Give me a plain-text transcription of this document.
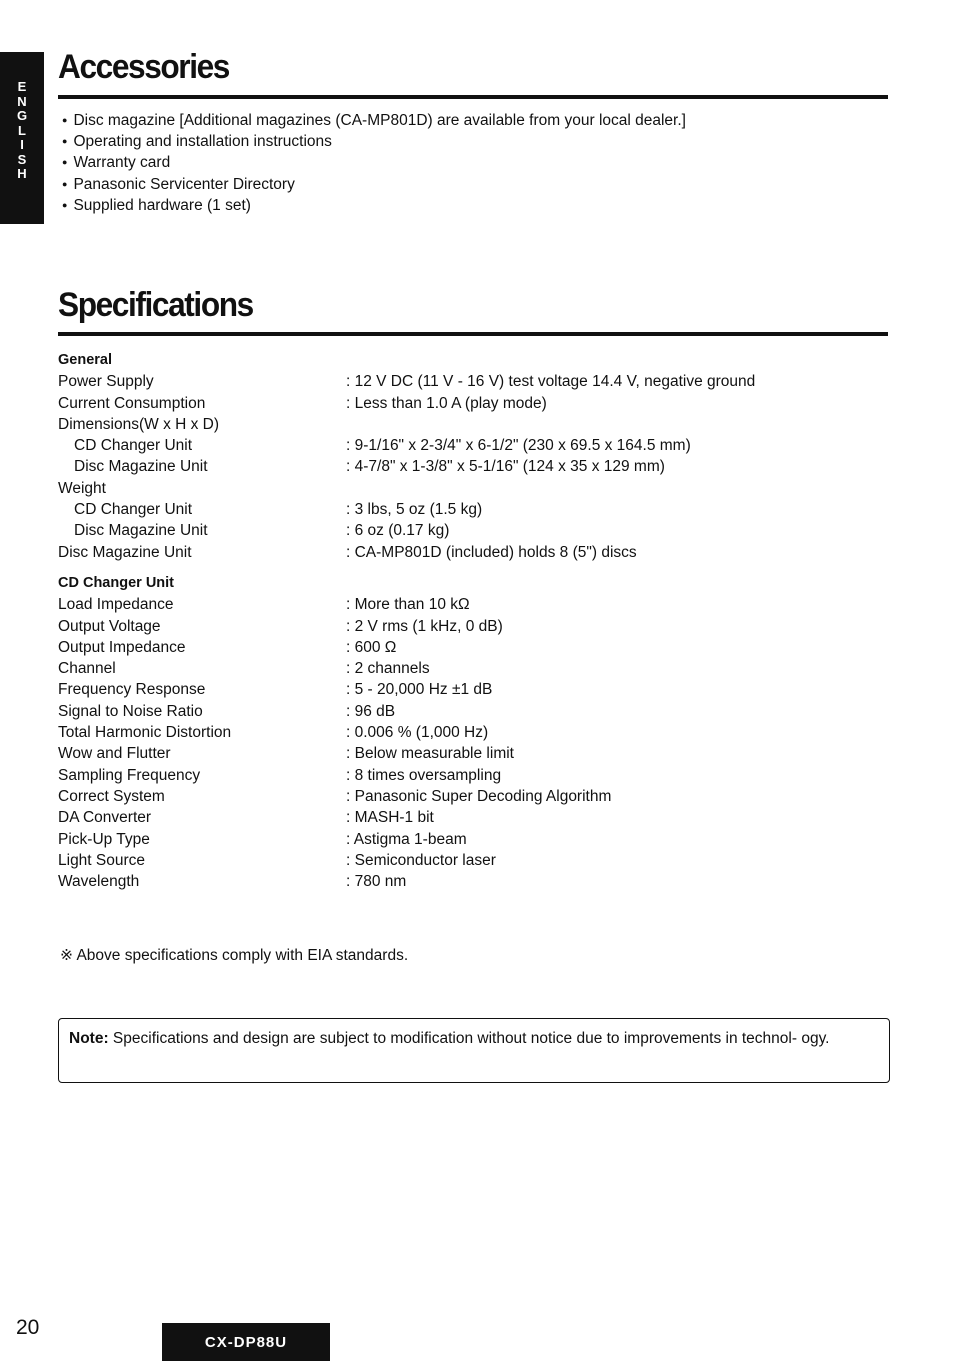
E
N
G
L
I
S
H
Accessories
● Disc magazine [Additional magazines (CA-MP801D) are available from your local dealer.]
● Operating and installation instructions
● Warranty card
● Panasonic Servicenter Directory
● Supplied hardware (1 set)
Specifications
General
Power Supply	: 12 V DC (11 V - 16 V) test voltage 14.4 V, negative ground
Current Consumption	: Less than 1.0 A (play mode)
Dimensions(W x H x D)
CD Changer Unit	: 9-1/16" x 2-3/4" x 6-1/2" (230 x 69.5 x 164.5 mm)
Disc Magazine Unit	: 4-7/8" x 1-3/8" x 5-1/16" (124 x 35 x 129 mm)
Weight
CD Changer Unit	: 3 lbs, 5 oz (1.5 kg)
Disc Magazine Unit	: 6 oz (0.17 kg)
Disc Magazine Unit	: CA-MP801D (included) holds 8 (5") discs
CD Changer Unit
Load Impedance	: More than 10 kΩ
Output Voltage	: 2 V rms (1 kHz, 0 dB)
Output Impedance	: 600 Ω
Channel	: 2 channels
Frequency Response	: 5 - 20,000 Hz ±1 dB
Signal to Noise Ratio	: 96 dB
Total Harmonic Distortion	: 0.006 % (1,000 Hz)
Wow and Flutter	: Below measurable limit
Sampling Frequency	: 8 times oversampling
Correct System	: Panasonic Super Decoding Algorithm
DA Converter	: MASH-1 bit
Pick-Up Type	: Astigma 1-beam
Light Source	: Semiconductor laser
Wavelength	: 780 nm
※ Above specifications comply with EIA standards.
Note: Specifications and design are subject to modification without notice due to improvements in technol- ogy.
20
CX-DP88U
